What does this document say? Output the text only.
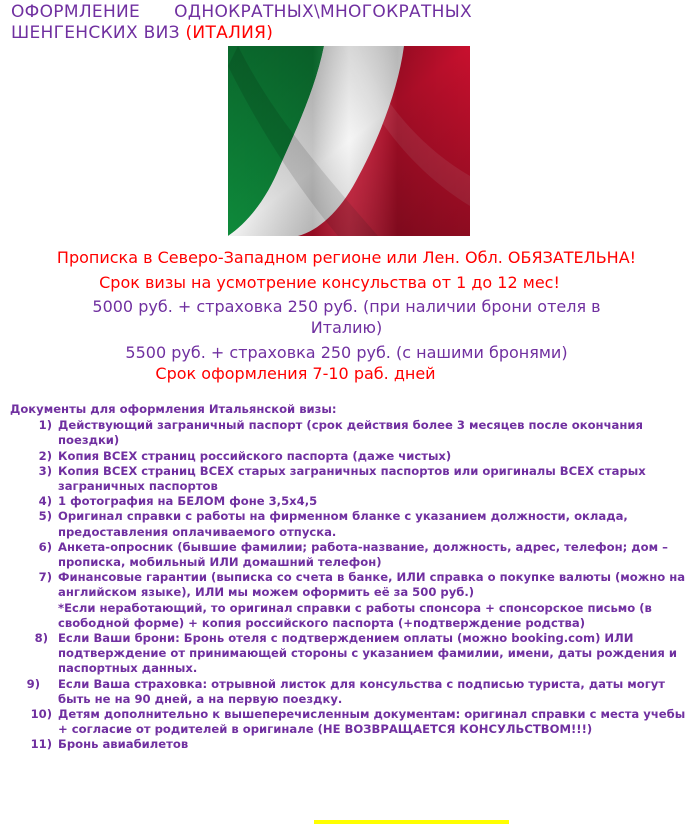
ОФОРМЛЕНИЕ ОДНОКРАТНЫХ\МНОГОКРАТНЫХ
ШЕНГЕНСКИХ ВИЗ (ИТАЛИЯ)
Прописка в Северо-Западном регионе или Лен. Обл. ОБЯЗАТЕЛЬНА!
Срок визы на усмотрение консульства от 1 до 12 мес!
5000 руб. + страховка 250 руб. (при наличии брони отеля в
Италию)
5500 руб. + страховка 250 руб. (с нашими бронями)
Срок оформления 7-10 раб. дней
Документы для оформления Итальянской визы:
1) Действующий заграничный паспорт (срок действия более 3 месяцев после окончания поездки)
2) Копия ВСЕХ страниц российского паспорта (даже чистых)
3) Копия ВСЕХ страниц ВСЕХ старых заграничных паспортов или оригиналы ВСЕХ старых заграничных паспортов
4) 1 фотография на БЕЛОМ фоне 3,5х4,5
5) Оригинал справки с работы на фирменном бланке с указанием должности, оклада, предоставления оплачиваемого отпуска.
6) Анкета-опросник (бывшие фамилии; работа-название, должность, адрес, телефон; дом – прописка, мобильный ИЛИ домашний телефон)
7) Финансовые гарантии (выписка со счета в банке, ИЛИ справка о покупке валюты (можно на английском языке), ИЛИ мы можем оформить её за 500 руб.)
*Если неработающий, то оригинал справки с работы спонсора + спонсорское письмо (в свободной форме) + копия российского паспорта (+подтверждение родства)
8) Если Ваши брони: Бронь отеля с подтверждением оплаты (можно booking.com) ИЛИ подтверждение от принимающей стороны с указанием фамилии, имени, даты рождения и паспортных данных.
9) Если Ваша страховка: отрывной листок для консульства с подписью туриста, даты могут быть не на 90 дней, а на первую поездку.
10) Детям дополнительно к вышеперечисленным документам: оригинал справки с места учебы + согласие от родителей в оригинале (НЕ ВОЗВРАЩАЕТСЯ КОНСУЛЬСТВОМ!!!)
11) Бронь авиабилетов
